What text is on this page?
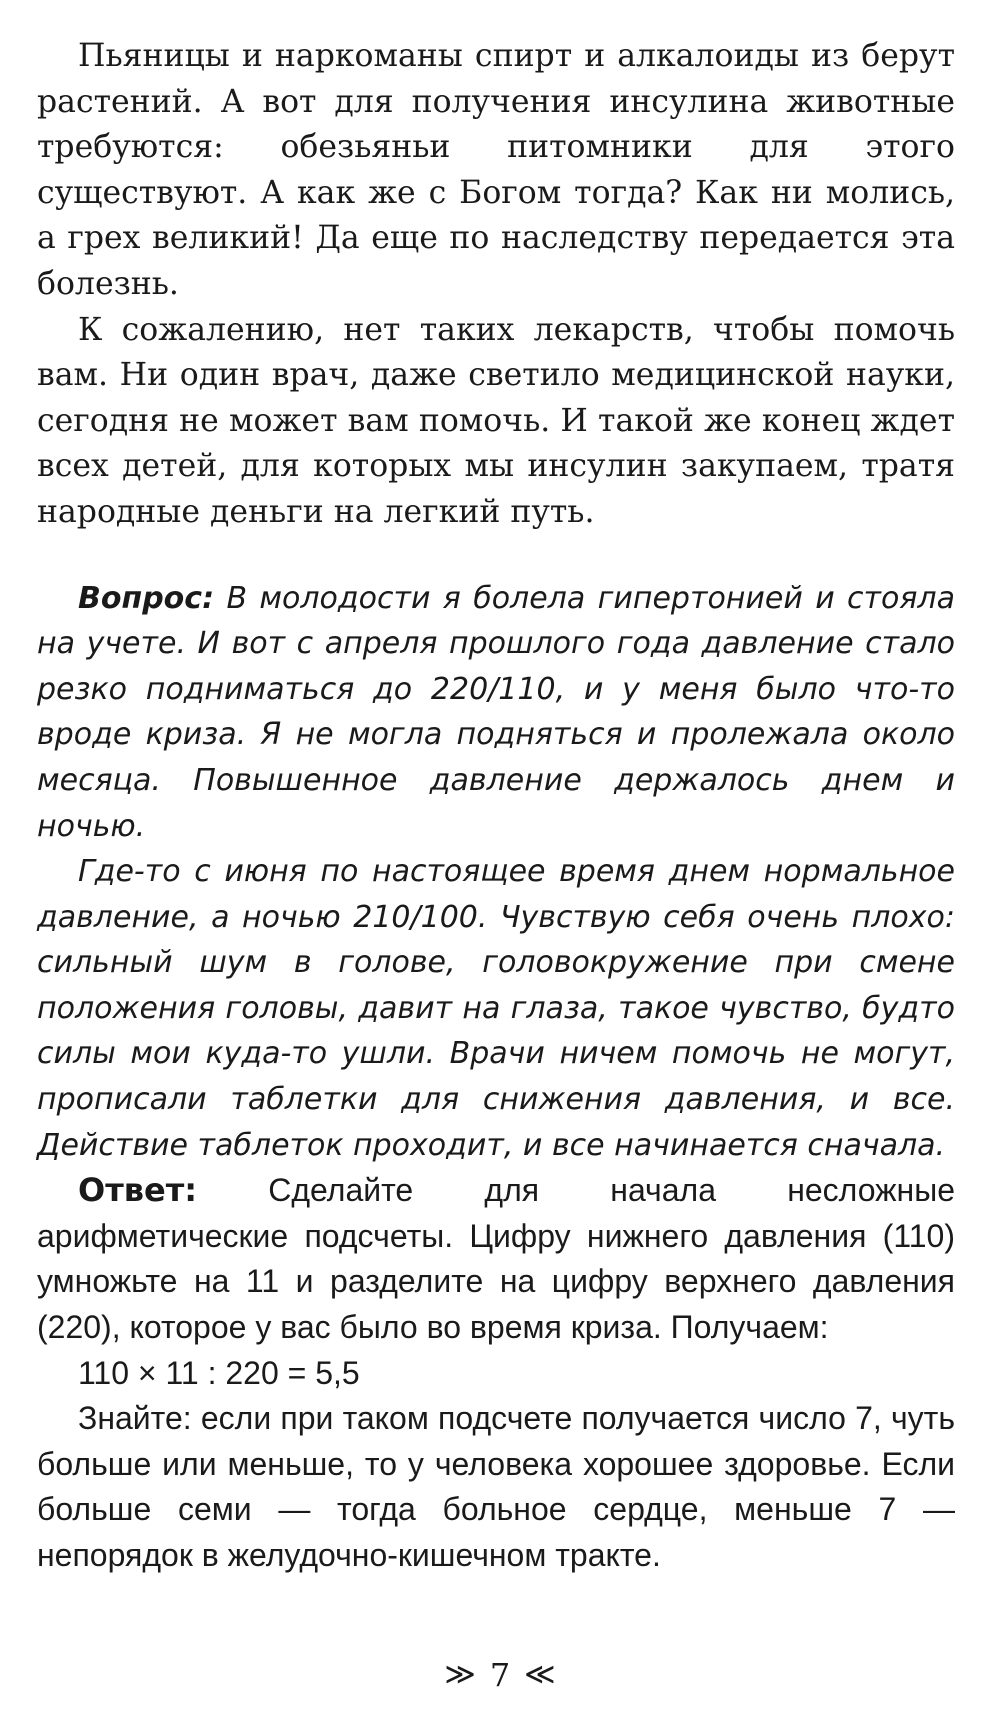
Пьяницы и наркоманы спирт и алкалоиды из берут растений. А вот для получения инсулина животные требуются: обезьяньи питомники для этого существуют. А как же с Богом тогда? Как ни молись, а грех великий! Да еще по наследству передается эта болезнь.

К сожалению, нет таких лекарств, чтобы помочь вам. Ни один врач, даже светило медицинской науки, сегодня не может вам помочь. И такой же конец ждет всех детей, для которых мы инсулин закупаем, тратя народные деньги на легкий путь.

Вопрос: В молодости я болела гипертонией и стояла на учете. И вот с апреля прошлого года давление стало резко подниматься до 220/110, и у меня было что-то вроде криза. Я не могла подняться и пролежала около месяца. Повышенное давление держалось днем и ночью.

Где-то с июня по настоящее время днем нормальное давление, а ночью 210/100. Чувствую себя очень плохо: сильный шум в голове, головокружение при смене положения головы, давит на глаза, такое чувство, будто силы мои куда-то ушли. Врачи ничем помочь не могут, прописали таблетки для снижения давления, и все. Действие таблеток проходит, и все начинается сначала.

Ответ: Сделайте для начала несложные арифметические подсчеты. Цифру нижнего давления (110) умножьте на 11 и разделите на цифру верхнего давления (220), которое у вас было во время криза. Получаем:

110 × 11 : 220 = 5,5

Знайте: если при таком подсчете получается число 7, чуть больше или меньше, то у человека хорошее здоровье. Если больше семи — тогда больное сердце, меньше 7 — непорядок в желудочно-кишечном тракте.

≫ 7 ≪
